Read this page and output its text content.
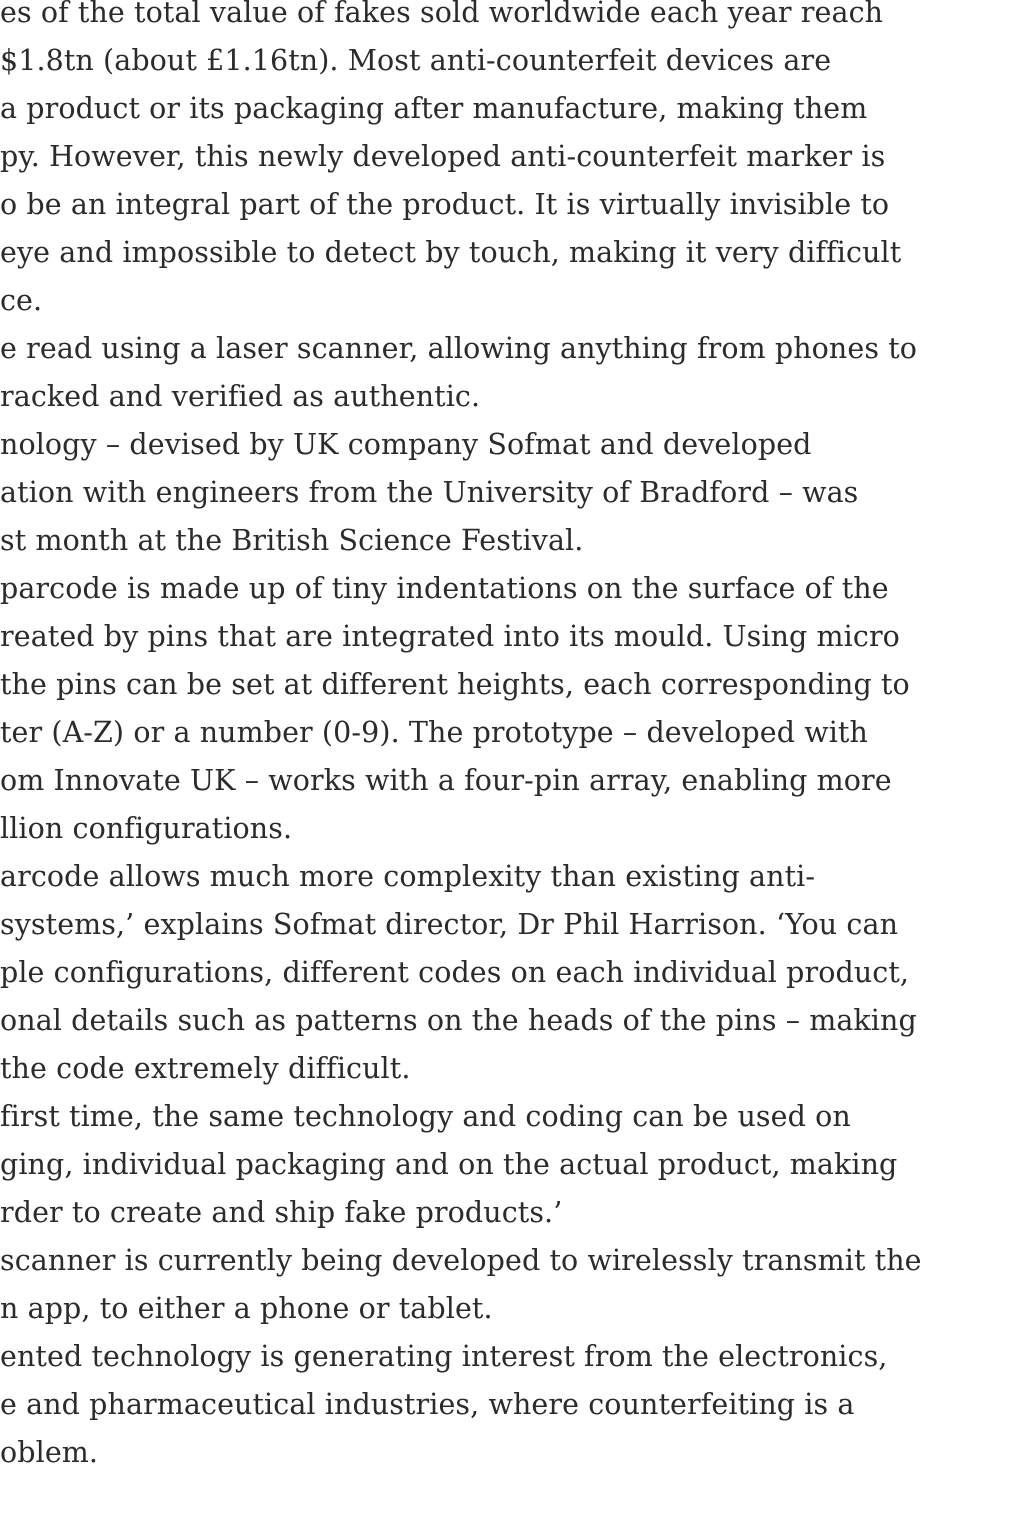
es of the total value of fakes sold worldwide each year reach
$1.8tn (about £1.16tn). Most anti-counterfeit devices are
a product or its packaging after manufacture, making them
py. However, this newly developed anti-counterfeit marker is
o be an integral part of the product. It is virtually invisible to
eye and impossible to detect by touch, making it very difficult
ce.
e read using a laser scanner, allowing anything from phones to
racked and verified as authentic.
nology – devised by UK company Sofmat and developed
ation with engineers from the University of Bradford – was
st month at the British Science Festival.
parcode is made up of tiny indentations on the surface of the
reated by pins that are integrated into its mould. Using micro
the pins can be set at different heights, each corresponding to
ter (A-Z) or a number (0-9). The prototype – developed with
om Innovate UK – works with a four-pin array, enabling more
llion configurations.
arcode allows much more complexity than existing anti-
systems,’ explains Sofmat director, Dr Phil Harrison. ‘You can
ple configurations, different codes on each individual product,
onal details such as patterns on the heads of the pins – making
the code extremely difficult.
first time, the same technology and coding can be used on
ging, individual packaging and on the actual product, making
rder to create and ship fake products.’
scanner is currently being developed to wirelessly transmit the
n app, to either a phone or tablet.
ented technology is generating interest from the electronics,
e and pharmaceutical industries, where counterfeiting is a
oblem.
